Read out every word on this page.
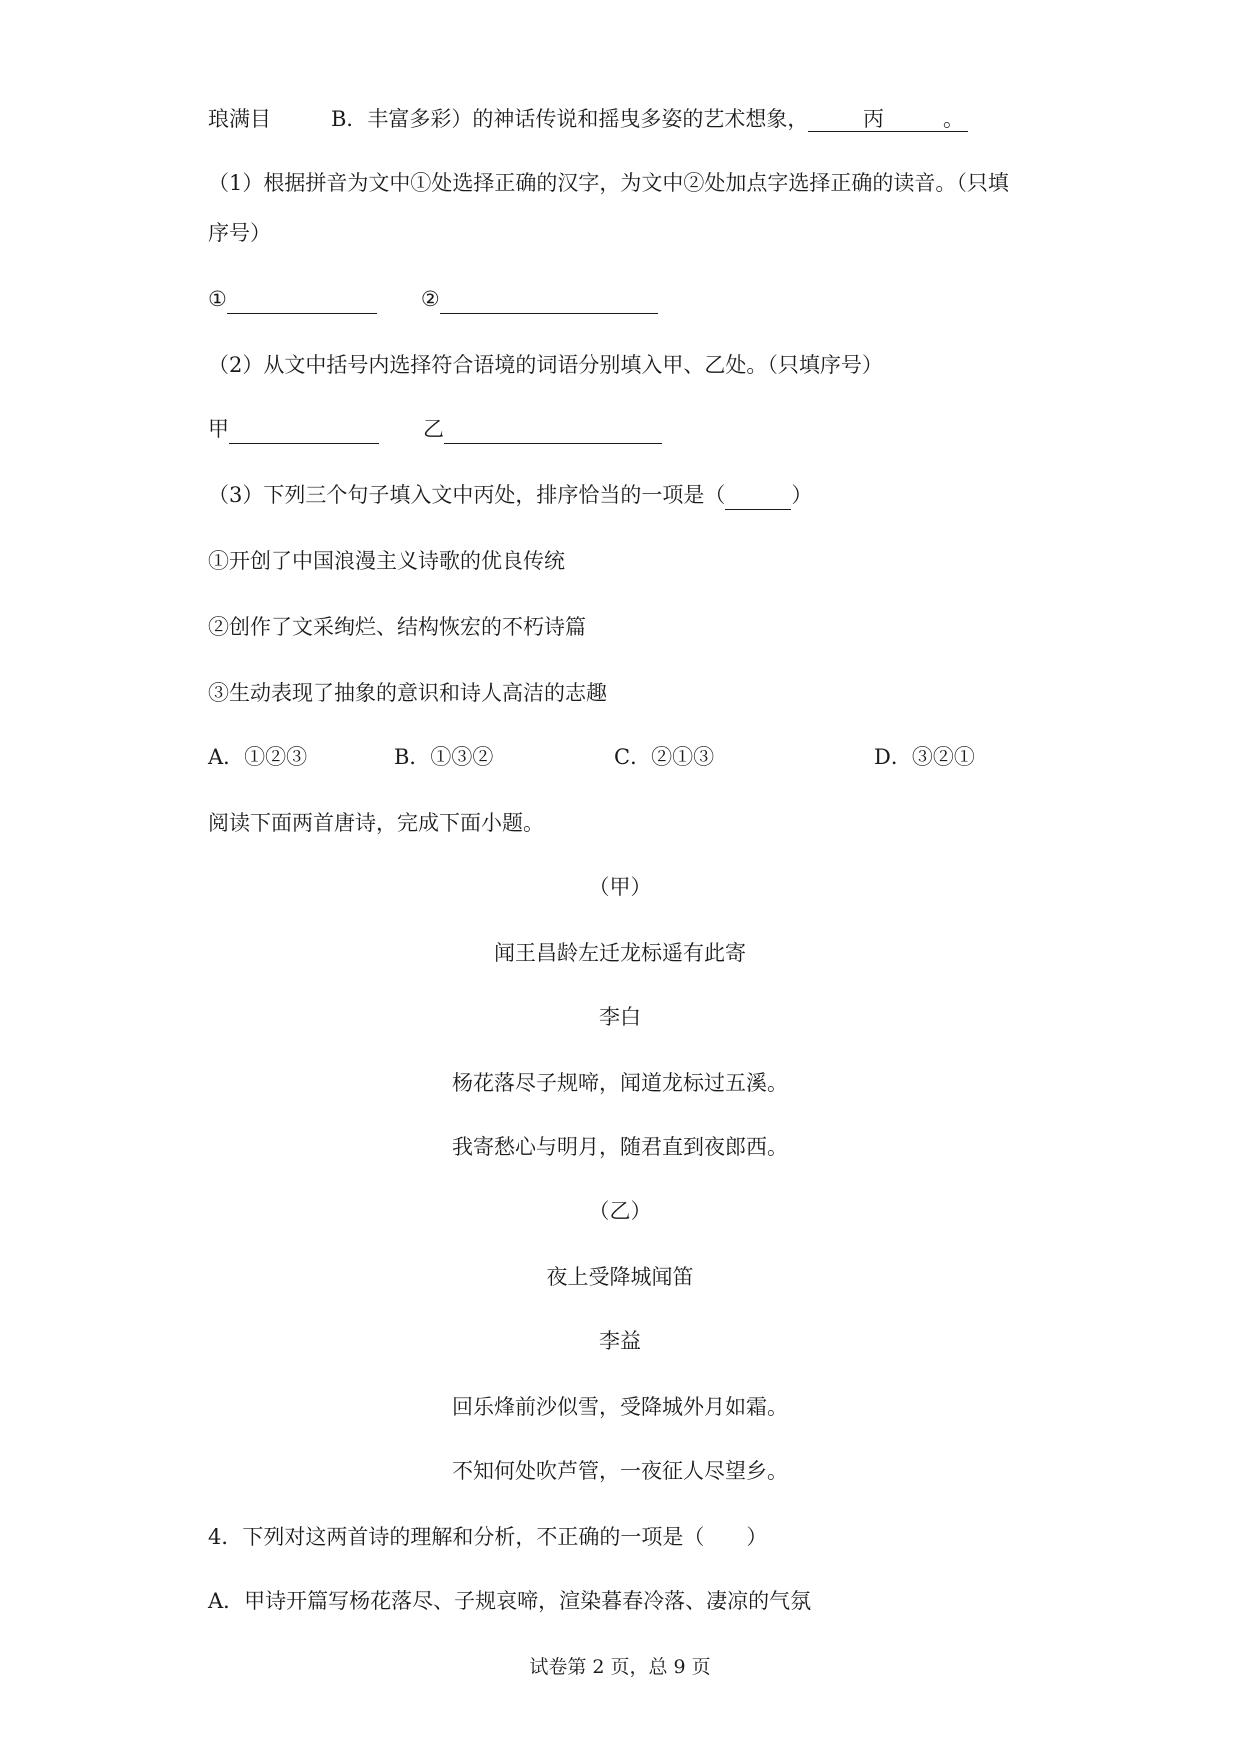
琅满目	B．丰富多彩）的神话传说和摇曳多姿的艺术想象，	丙	。
（1）根据拼音为文中①处选择正确的汉字，为文中②处加点字选择正确的读音。（只填
序号）
①	②
（2）从文中括号内选择符合语境的词语分别填入甲、乙处。（只填序号）
甲	乙
（3）下列三个句子填入文中丙处，排序恰当的一项是（	）
①开创了中国浪漫主义诗歌的优良传统
②创作了文采绚烂、结构恢宏的不朽诗篇
③生动表现了抽象的意识和诗人高洁的志趣
A．①②③	B．①③②	C．②①③	D．③②①
阅读下面两首唐诗，完成下面小题。
（甲）
闻王昌龄左迁龙标遥有此寄
李白
杨花落尽子规啼，闻道龙标过五溪。
我寄愁心与明月，随君直到夜郎西。
（乙）
夜上受降城闻笛
李益
回乐烽前沙似雪，受降城外月如霜。
不知何处吹芦管，一夜征人尽望乡。
4．下列对这两首诗的理解和分析，不正确的一项是（　　）
A．甲诗开篇写杨花落尽、子规哀啼，渲染暮春冷落、凄凉的气氛
试卷第 2 页，总 9 页
